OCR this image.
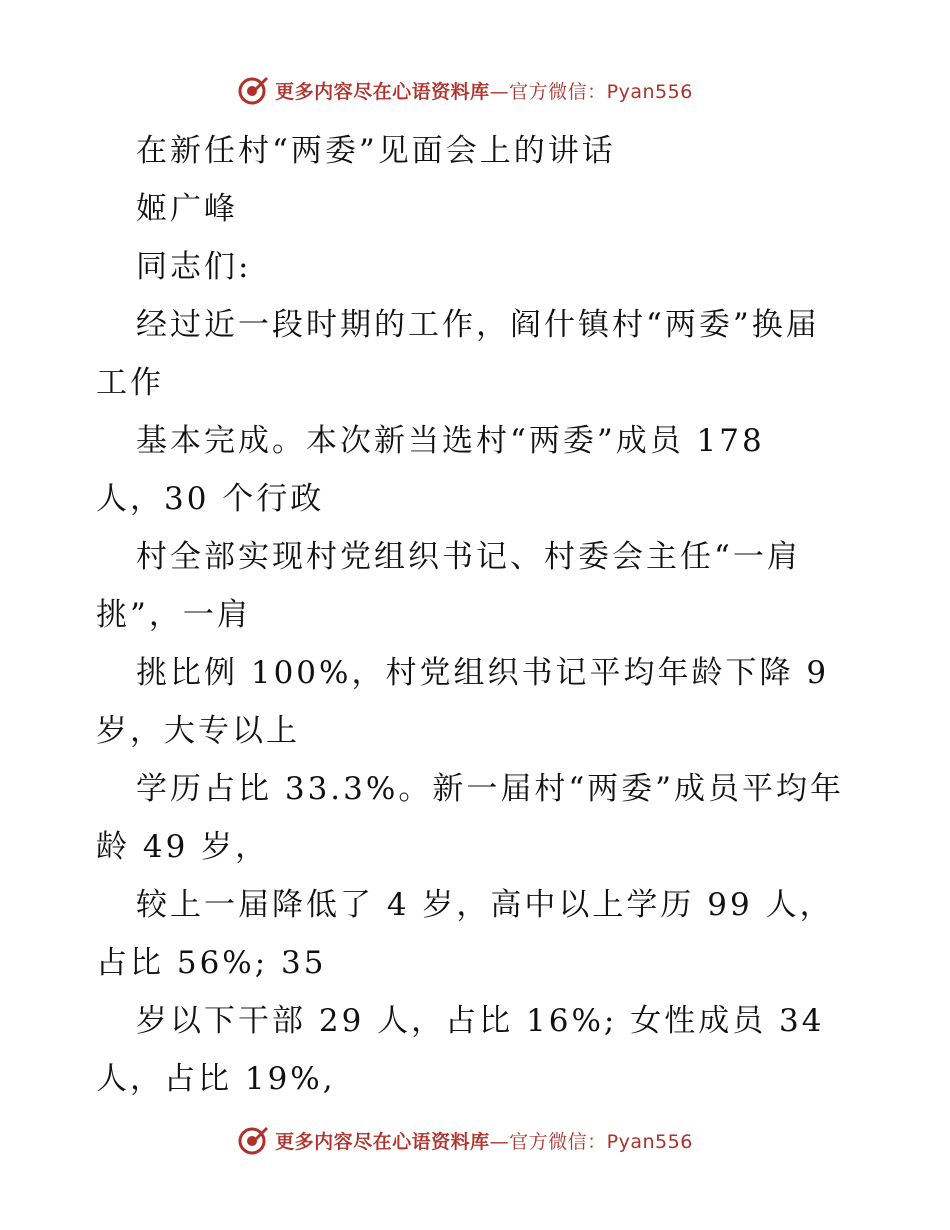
更多内容尽在心语资料库—官方微信：Pyan556
在新任村“两委”见面会上的讲话
姬广峰
同志们:
经过近一段时期的工作，阎什镇村“两委”换届
工作
基本完成。本次新当选村“两委”成员 178
人，30 个行政
村全部实现村党组织书记、村委会主任“一肩
挑”，一肩
挑比例 100%，村党组织书记平均年龄下降 9
岁，大专以上
学历占比 33.3%。新一届村“两委”成员平均年
龄 49 岁，
较上一届降低了 4 岁，高中以上学历 99 人，
占比 56%; 35
岁以下干部 29 人，占比 16%; 女性成员 34
人，占比 19%,
更多内容尽在心语资料库—官方微信：Pyan556
